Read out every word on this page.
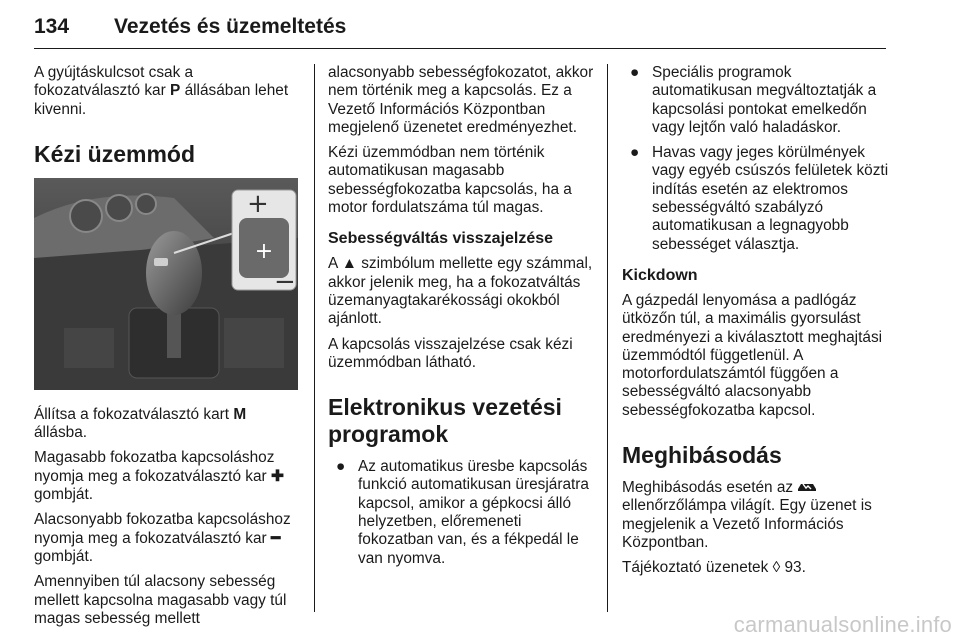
134 Vezetés és üzemeltetés

A gyújtáskulcsot csak a fokozatválasztó kar P állásában lehet kivenni.

Kézi üzemmód
+
+
−

Állítsa a fokozatválasztó kart M állásba.

Magasabb fokozatba kapcsoláshoz nyomja meg a fokozatválasztó kar ✚ gombját.

Alacsonyabb fokozatba kapcsoláshoz nyomja meg a fokozatválasztó kar ━ gombját.

Amennyiben túl alacsony sebesség mellett kapcsolna magasabb vagy túl magas sebesség mellett

alacsonyabb sebességfokozatot, akkor nem történik meg a kapcsolás. Ez a Vezető Információs Központban megjelenő üzenetet eredményezhet.

Kézi üzemmódban nem történik automatikusan magasabb sebességfokozatba kapcsolás, ha a motor fordulatszáma túl magas.

Sebességváltás visszajelzése

A ▲ szimbólum mellette egy számmal, akkor jelenik meg, ha a fokozatváltás üzemanyagtakarékossági okokból ajánlott.

A kapcsolás visszajelzése csak kézi üzemmódban látható.

Elektronikus vezetési programok
● Az automatikus üresbe kapcsolás funkció automatikusan üresjáratra kapcsol, amikor a gépkocsi álló helyzetben, előremeneti fokozatban van, és a fékpedál le van nyomva.
● Speciális programok automatikusan megváltoztatják a kapcsolási pontokat emelkedőn vagy lejtőn való haladáskor.
● Havas vagy jeges körülmények vagy egyéb csúszós felületek közti indítás esetén az elektromos sebességváltó szabályzó automatikusan a legnagyobb sebességet választja.
Kickdown

A gázpedál lenyomása a padlógáz ütközőn túl, a maximális gyorsulást eredményezi a kiválasztott meghajtási üzemmódtól függetlenül. A motorfordulatszámtól függően a sebességváltó alacsonyabb sebességfokozatba kapcsol.

Meghibásodás

Meghibásodás esetén az  ellenőrzőlámpa világít. Egy üzenet is megjelenik a Vezető Információs Központban.

Tájékoztató üzenetek ◊ 93.

carmanualsonline.info
